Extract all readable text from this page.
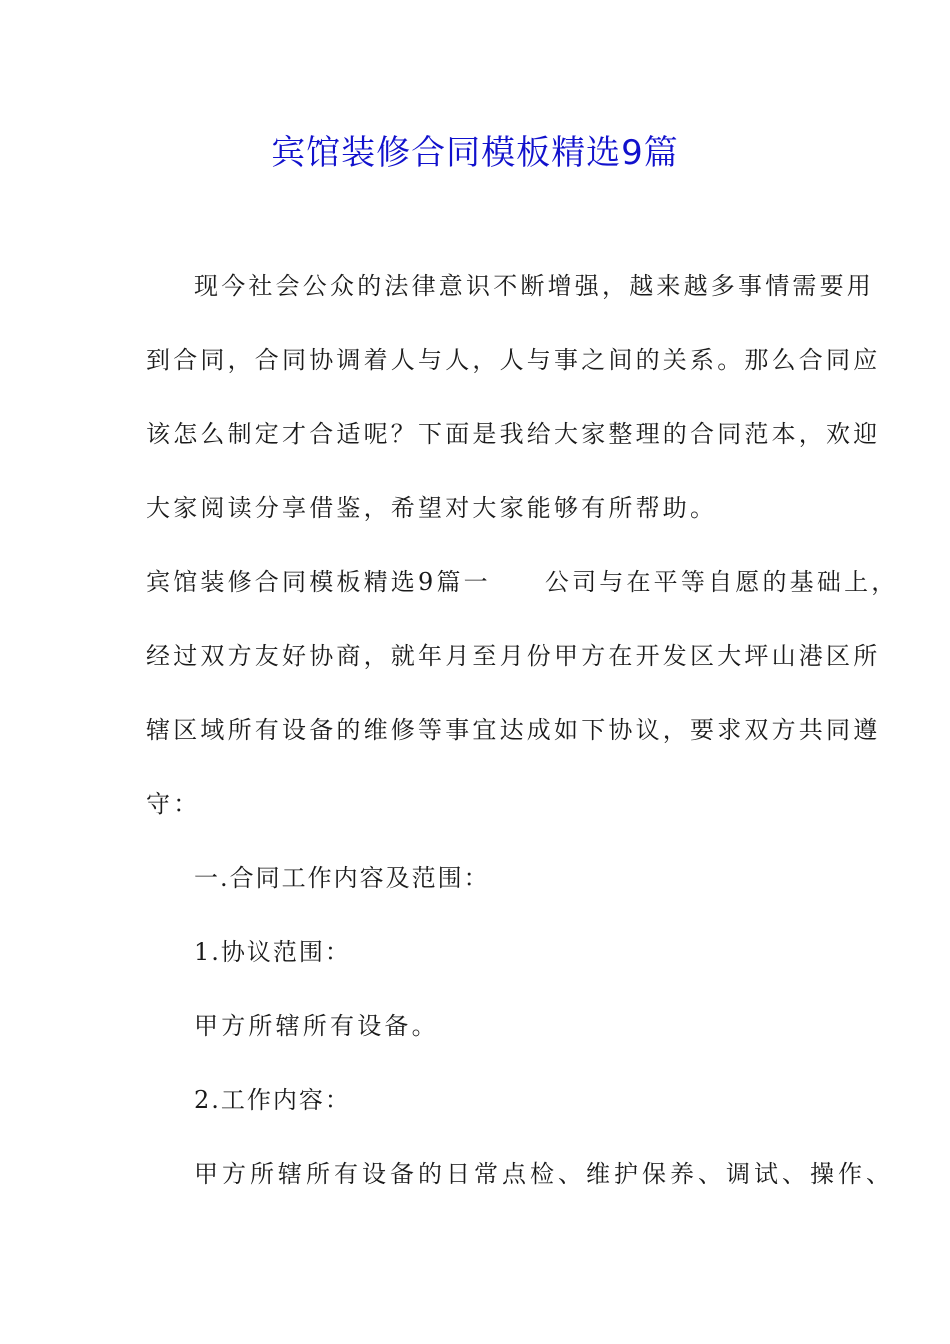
宾馆装修合同模板精选9篇

现今社会公众的法律意识不断增强，越来越多事情需要用

到合同，合同协调着人与人，人与事之间的关系。那么合同应

该怎么制定才合适呢？下面是我给大家整理的合同范本，欢迎

大家阅读分享借鉴，希望对大家能够有所帮助。

宾馆装修合同模板精选9篇一 公司与在平等自愿的基础上，

经过双方友好协商，就年月至月份甲方在开发区大坪山港区所

辖区域所有设备的维修等事宜达成如下协议，要求双方共同遵

守：

一.合同工作内容及范围：

1.协议范围：

甲方所辖所有设备。

2.工作内容：

甲方所辖所有设备的日常点检、维护保养、调试、操作、
